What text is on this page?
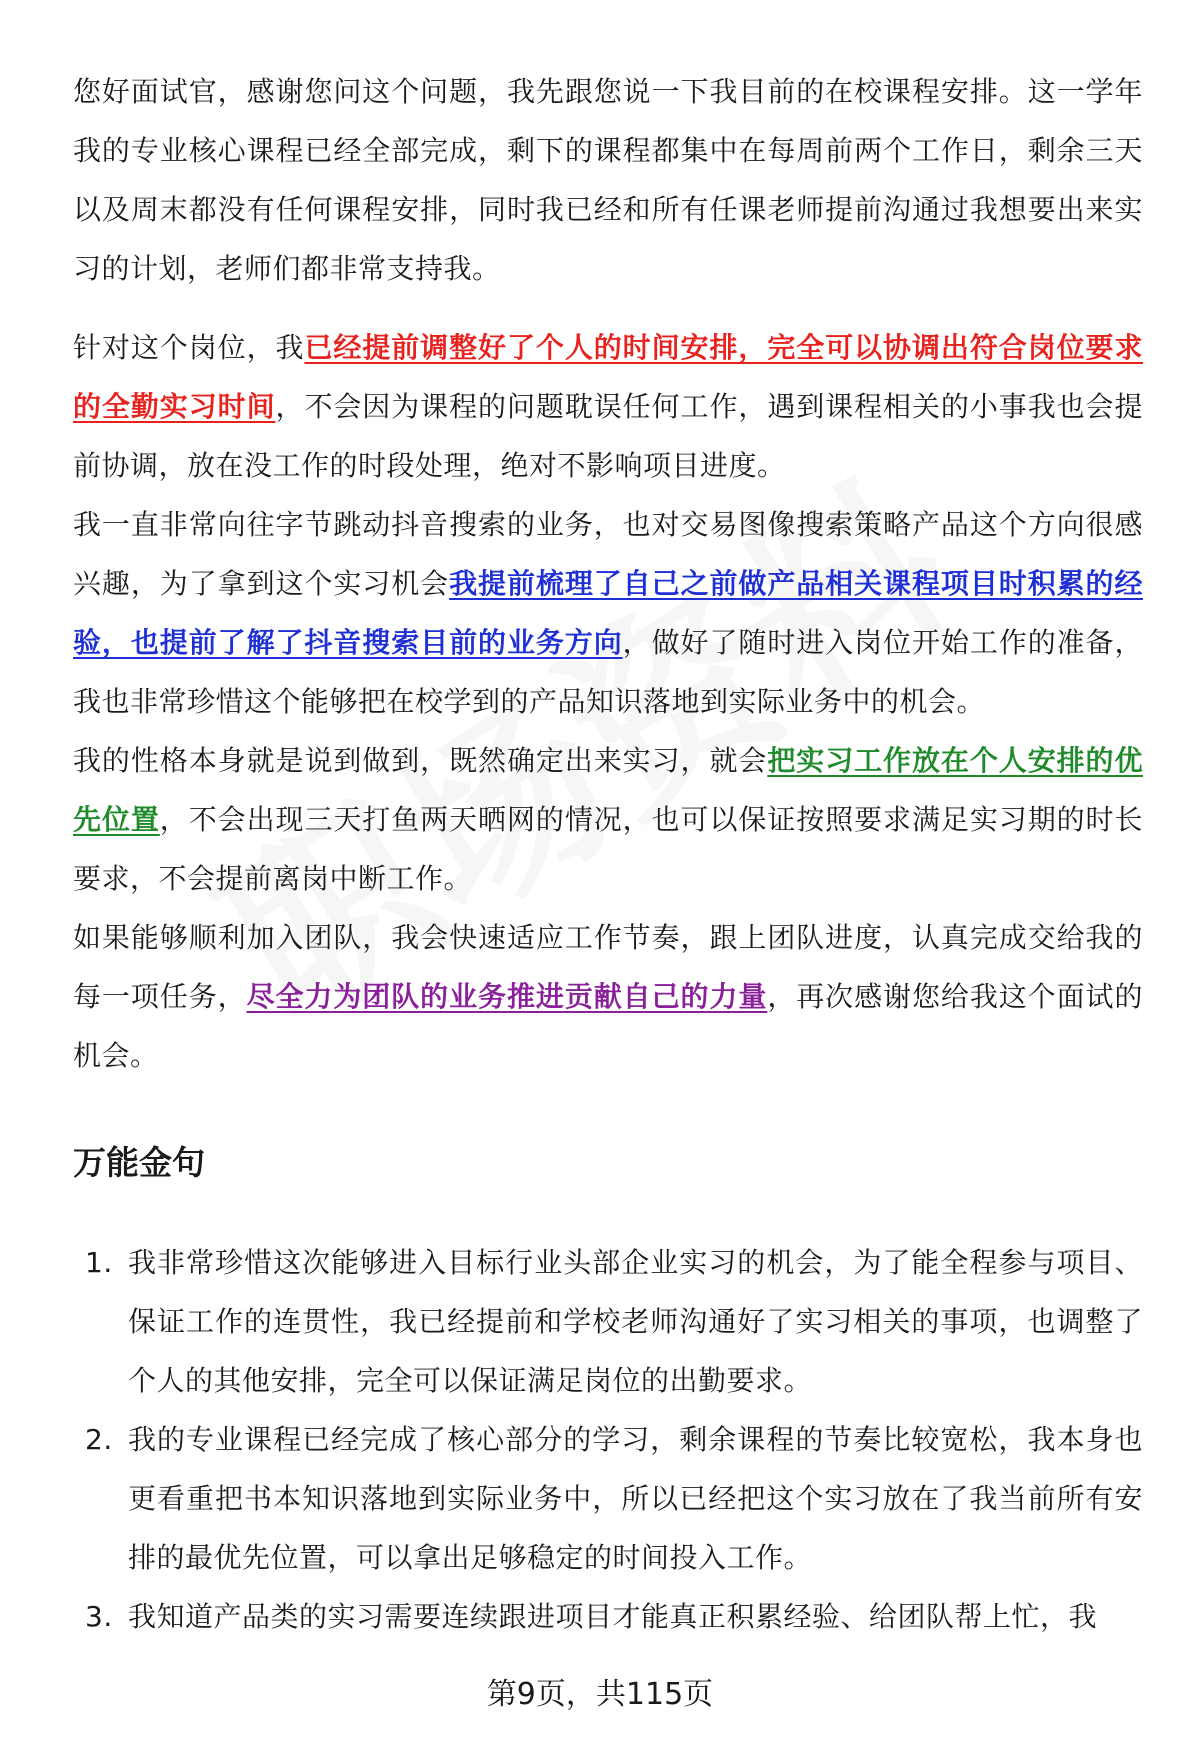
您好面试官，感谢您问这个问题，我先跟您说一下我目前的在校课程安排。这一学年我的专业核心课程已经全部完成，剩下的课程都集中在每周前两个工作日，剩余三天以及周末都没有任何课程安排，同时我已经和所有任课老师提前沟通过我想要出来实习的计划，老师们都非常支持我。

针对这个岗位，我已经提前调整好了个人的时间安排，完全可以协调出符合岗位要求的全勤实习时间，不会因为课程的问题耽误任何工作，遇到课程相关的小事我也会提前协调，放在没工作的时段处理，绝对不影响项目进度。

我一直非常向往字节跳动抖音搜索的业务，也对交易图像搜索策略产品这个方向很感兴趣，为了拿到这个实习机会我提前梳理了自己之前做产品相关课程项目时积累的经验，也提前了解了抖音搜索目前的业务方向，做好了随时进入岗位开始工作的准备，我也非常珍惜这个能够把在校学到的产品知识落地到实际业务中的机会。

我的性格本身就是说到做到，既然确定出来实习，就会把实习工作放在个人安排的优先位置，不会出现三天打鱼两天晒网的情况，也可以保证按照要求满足实习期的时长要求，不会提前离岗中断工作。

如果能够顺利加入团队，我会快速适应工作节奏，跟上团队进度，认真完成交给我的每一项任务，尽全力为团队的业务推进贡献自己的力量，再次感谢您给我这个面试的机会。

万能金句
1. 我非常珍惜这次能够进入目标行业头部企业实习的机会，为了能全程参与项目、保证工作的连贯性，我已经提前和学校老师沟通好了实习相关的事项，也调整了个人的其他安排，完全可以保证满足岗位的出勤要求。
2. 我的专业课程已经完成了核心部分的学习，剩余课程的节奏比较宽松，我本身也更看重把书本知识落地到实际业务中，所以已经把这个实习放在了我当前所有安排的最优先位置，可以拿出足够稳定的时间投入工作。
3. 我知道产品类的实习需要连续跟进项目才能真正积累经验、给团队帮上忙，我
第9页，共115页
